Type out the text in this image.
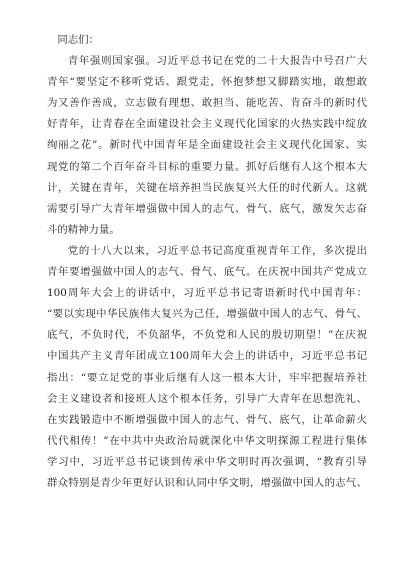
同志们：
青年强则国家强。习近平总书记在党的二十大报告中号召广大
青年“要坚定不移听党话、跟党走，怀抱梦想又脚踏实地，敢想敢
为又善作善成，立志做有理想、敢担当、能吃苦、肯奋斗的新时代
好青年，让青春在全面建设社会主义现代化国家的火热实践中绽放
绚丽之花”。新时代中国青年是全面建设社会主义现代化国家、实
现党的第二个百年奋斗目标的重要力量。抓好后继有人这个根本大
计，关键在青年，关键在培养担当民族复兴大任的时代新人。这就
需要引导广大青年增强做中国人的志气、骨气、底气，激发矢志奋
斗的精神力量。
党的十八大以来，习近平总书记高度重视青年工作，多次提出
青年要增强做中国人的志气、骨气、底气。在庆祝中国共产党成立
100周年大会上的讲话中，习近平总书记寄语新时代中国青年：
“要以实现中华民族伟大复兴为己任，增强做中国人的志气、骨气、
底气，不负时代，不负韶华，不负党和人民的殷切期望！”在庆祝
中国共产主义青年团成立100周年大会上的讲话中，习近平总书记
指出：“要立足党的事业后继有人这一根本大计，牢牢把握培养社
会主义建设者和接班人这个根本任务，引导广大青年在思想洗礼、
在实践锻造中不断增强做中国人的志气、骨气、底气，让革命薪火
代代相传！”在中共中央政治局就深化中华文明探源工程进行集体
学习中，习近平总书记谈到传承中华文明时再次强调，“教育引导
群众特别是青少年更好认识和认同中华文明，增强做中国人的志气、
